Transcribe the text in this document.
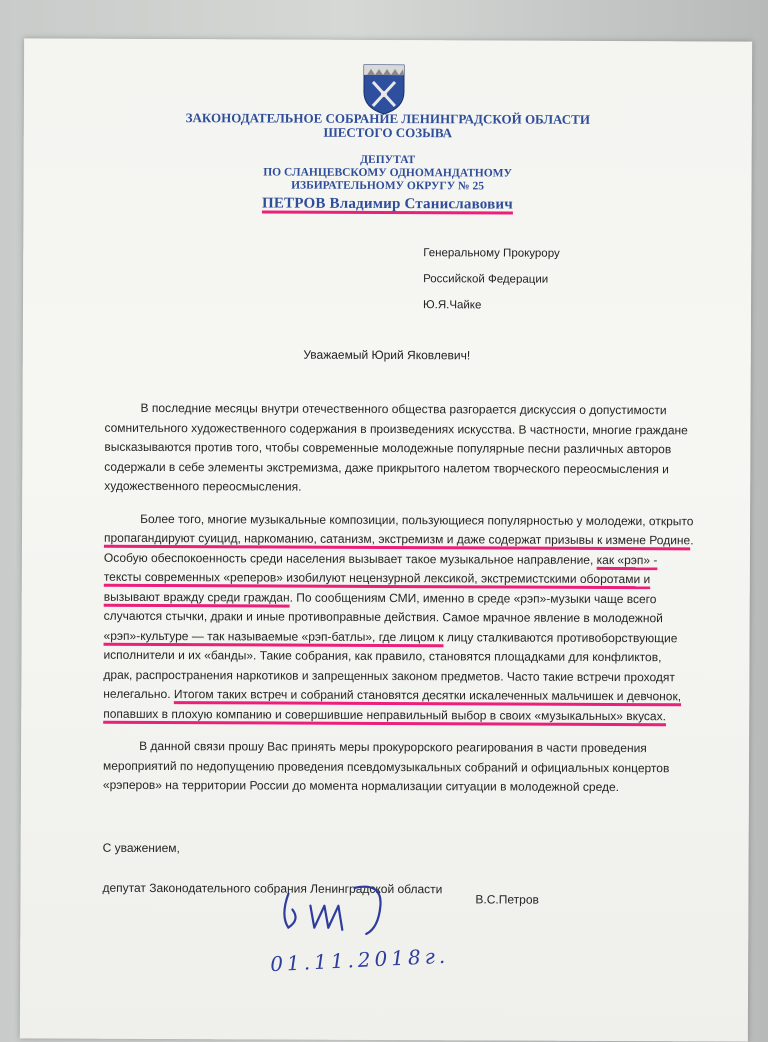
ЗАКОНОДАТЕЛЬНОЕ СОБРАНИЕ ЛЕНИНГРАДСКОЙ ОБЛАСТИ
ШЕСТОГО СОЗЫВА
ДЕПУТАТ
ПО СЛАНЦЕВСКОМУ ОДНОМАНДАТНОМУ
ИЗБИРАТЕЛЬНОМУ ОКРУГУ № 25
ПЕТРОВ Владимир Станиславович
Генеральному Прокурору
Российской Федерации
Ю.Я.Чайке
Уважаемый Юрий Яковлевич!

В последние месяцы внутри отечественного общества разгорается дискуссия о допустимости сомнительного художественного содержания в произведениях искусства. В частности, многие граждане высказываются против того, чтобы современные молодежные популярные песни различных авторов содержали в себе элементы экстремизма, даже прикрытого налетом творческого переосмысления и художественного переосмысления.

Более того, многие музыкальные композиции, пользующиеся популярностью у молодежи, открыто пропагандируют суицид, наркоманию, сатанизм, экстремизм и даже содержат призывы к измене Родине. Особую обеспокоенность среди населения вызывает такое музыкальное направление, как «рэп» - тексты современных «реперов» изобилуют нецензурной лексикой, экстремистскими оборотами и вызывают вражду среди граждан. По сообщениям СМИ, именно в среде «рэп»-музыки чаще всего случаются стычки, драки и иные противоправные действия. Самое мрачное явление в молодежной «рэп»-культуре — так называемые «рэп-батлы», где лицом к лицу сталкиваются противоборствующие исполнители и их «банды». Такие собрания, как правило, становятся площадками для конфликтов, драк, распространения наркотиков и запрещенных законом предметов. Часто такие встречи проходят нелегально. Итогом таких встреч и собраний становятся десятки искалеченных мальчишек и девчонок, попавших в плохую компанию и совершившие неправильный выбор в своих «музыкальных» вкусах.

В данной связи прошу Вас принять меры прокурорского реагирования в части проведения мероприятий по недопущению проведения псевдомузыкальных собраний и официальных концертов «рэперов» на территории России до момента нормализации ситуации в молодежной среде.

С уважением,
депутат Законодательного собрания Ленинградской области
В.С.Петров
01.11.2018г.
